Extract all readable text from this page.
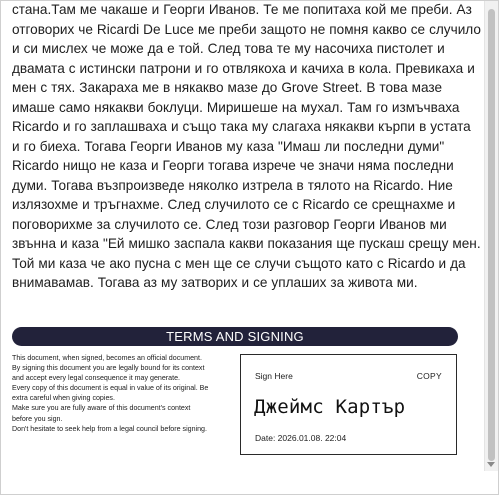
стана.Там ме чакаше и Георги Иванов. Те ме попитаха кой ме преби. Аз отговорих че Ricardi De Luce ме преби защото не помня какво се случило и си мислех че може да е той. След това те му насочиха пистолет и двамата с истински патрони и го отвлякоха и качиха в кола. Превикаха и мен с тях. Закараха ме в някакво мазе до Grove Street. В това мазе имаше само някакви боклуци. Миришеше на мухал. Там го измъчваха Ricardo и го заплашваха и също така му слагаха някакви кърпи в устата и го биеха. Тогава Георги Иванов му каза "Имаш ли последни думи" Ricardo нищо не каза и Георги тогава изрече че значи няма последни думи. Тогава възпроизведе няколко изтрела в тялото на Ricardo. Ние излязохме и тръгнахме. След случилото се с Ricardo се срещнахме и поговорихме за случилото се. След този разговор Георги Иванов ми звънна и каза "Ей мишко заспала какви показания ще пускаш срещу мен. Той ми каза че ако пусна с мен ще се случи същото като с Ricardo и да внимавамав. Тогава аз му затворих и се уплаших за живота ми.

TERMS AND SIGNING
This document, when signed, becomes an official document.
By signing this document you are legally bound for its context
and accept every legal consequence it may generate.
Every copy of this document is equal in value of its original. Be
extra careful when giving copies.
Make sure you are fully aware of this document's context
before you sign.
Don't hesitate to seek help from a legal council before signing.
Sign Here	COPY
Джеймс Картър
Date: 2026.01.08. 22:04
